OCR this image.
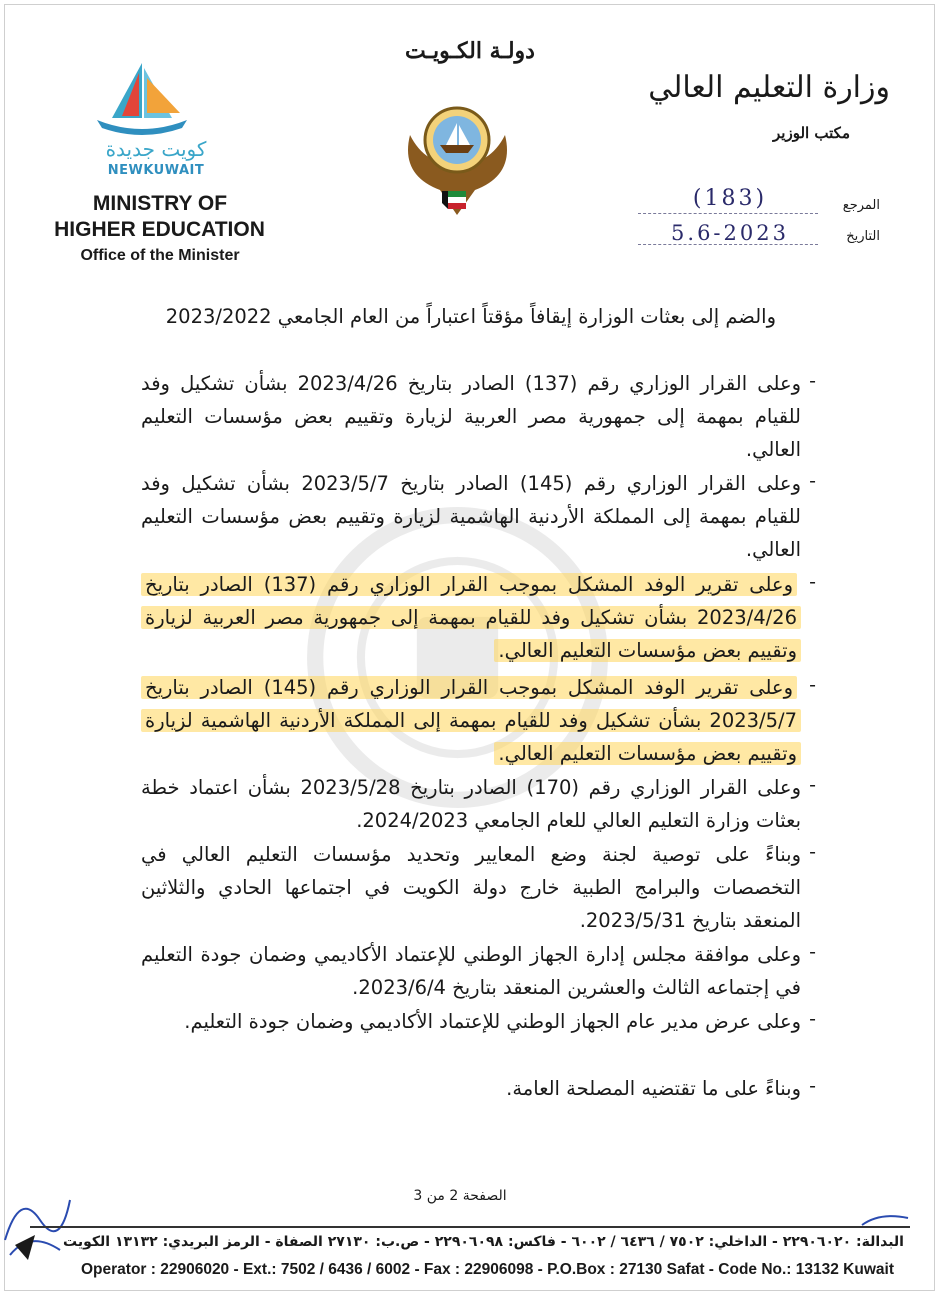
دولـة الكـويـت
كويت جديدة
NEWKUWAIT
MINISTRY OF
HIGHER EDUCATION
Office of the Minister
وزارة التعليم العالي
مكتب الوزير
المرجع
(183)
التاريخ
5.6-2023
والضم إلى بعثات الوزارة إيقافاً مؤقتاً اعتباراً من العام الجامعي 2023/2022
-
وعلى القرار الوزاري رقم (137) الصادر بتاريخ 2023/4/26 بشأن تشكيل وفد للقيام بمهمة إلى جمهورية مصر العربية لزيارة وتقييم بعض مؤسسات التعليم العالي.
-
وعلى القرار الوزاري رقم (145) الصادر بتاريخ 2023/5/7 بشأن تشكيل وفد للقيام بمهمة إلى المملكة الأردنية الهاشمية لزيارة وتقييم بعض مؤسسات التعليم العالي.
-
وعلى تقرير الوفد المشكل بموجب القرار الوزاري رقم (137) الصادر بتاريخ 2023/4/26 بشأن تشكيل وفد للقيام بمهمة إلى جمهورية مصر العربية لزيارة وتقييم بعض مؤسسات التعليم العالي.
-
وعلى تقرير الوفد المشكل بموجب القرار الوزاري رقم (145) الصادر بتاريخ 2023/5/7 بشأن تشكيل وفد للقيام بمهمة إلى المملكة الأردنية الهاشمية لزيارة وتقييم بعض مؤسسات التعليم العالي.
-
وعلى القرار الوزاري رقم (170) الصادر بتاريخ 2023/5/28 بشأن اعتماد خطة بعثات وزارة التعليم العالي للعام الجامعي 2024/2023.
-
وبناءً على توصية لجنة وضع المعايير وتحديد مؤسسات التعليم العالي في التخصصات والبرامج الطبية خارج دولة الكويت في اجتماعها الحادي والثلاثين المنعقد بتاريخ 2023/5/31.
-
وعلى موافقة مجلس إدارة الجهاز الوطني للإعتماد الأكاديمي وضمان جودة التعليم في إجتماعه الثالث والعشرين المنعقد بتاريخ 2023/6/4.
-
وعلى عرض مدير عام الجهاز الوطني للإعتماد الأكاديمي وضمان جودة التعليم.
-
وبناءً على ما تقتضيه المصلحة العامة.
الصفحة 2 من 3
البدالة: ٢٢٩٠٦٠٢٠ - الداخلي: ٧٥٠٢ / ٦٤٣٦ / ٦٠٠٢ - فاكس: ٢٢٩٠٦٠٩٨ - ص.ب: ٢٧١٣٠ الصفاة - الرمز البريدي: ١٣١٣٢ الكويت
Operator : 22906020 - Ext.: 7502 / 6436 / 6002 - Fax : 22906098 - P.O.Box : 27130 Safat - Code No.: 13132 Kuwait
